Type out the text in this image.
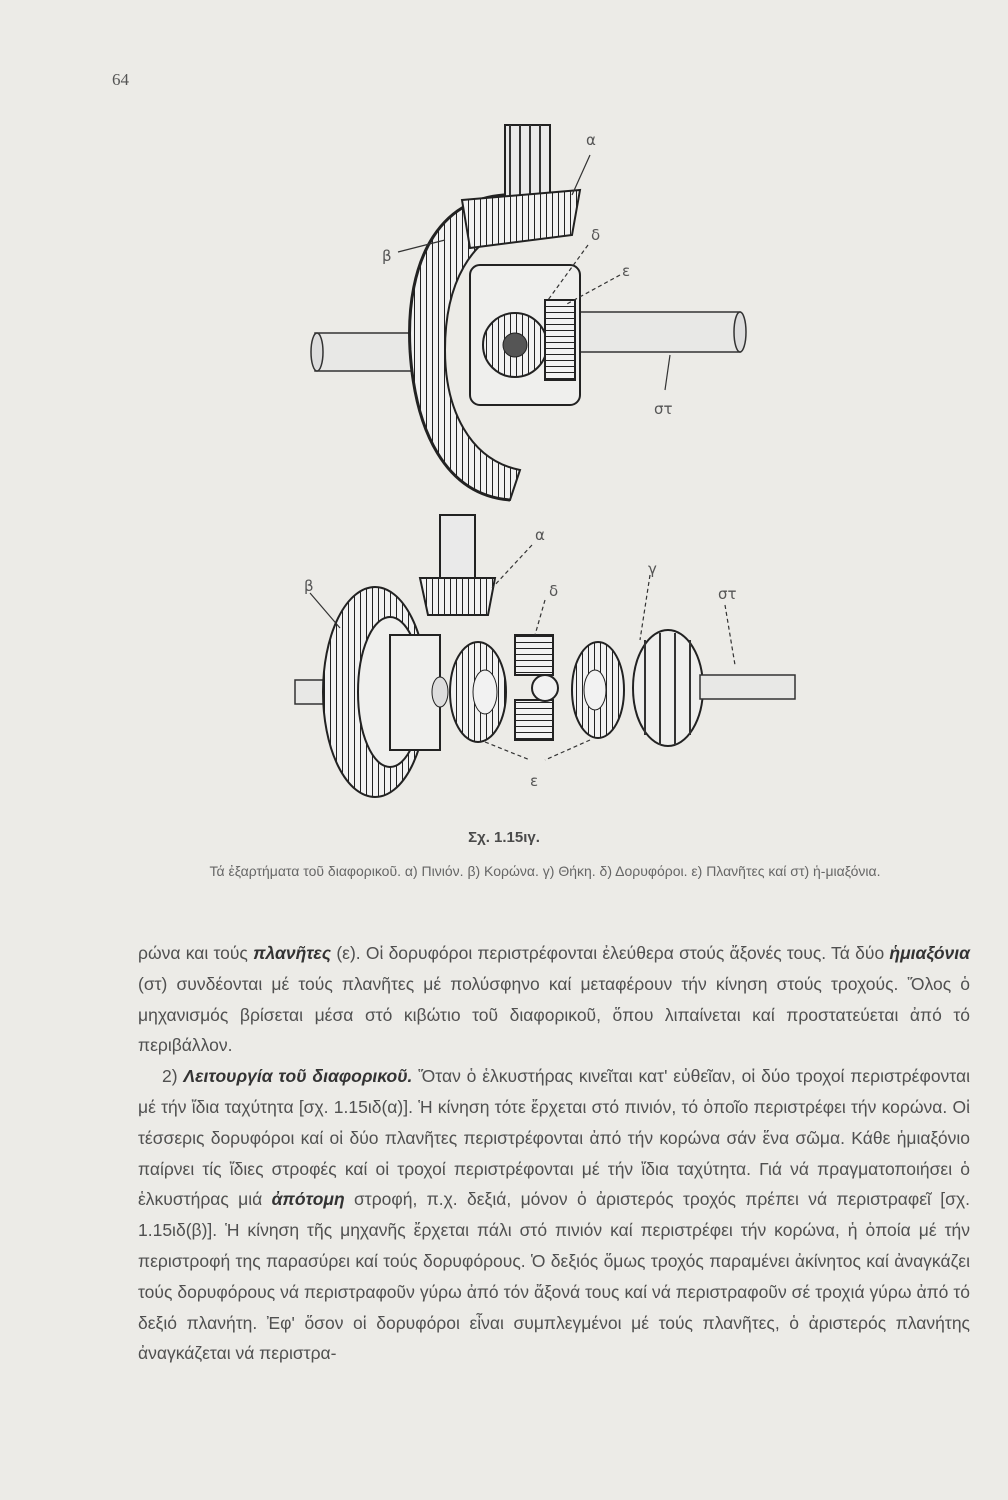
64
α
β
δ
ε
στ
α
β	δ
γ
στ
ε
Σχ. 1.15ιγ.
Τά ἐξαρτήματα τοῦ διαφορικοῦ. α) Πινιόν. β) Κορώνα. γ) Θήκη. δ) Δορυφόροι. ε) Πλανῆτες καί στ) ἡ-μιαξόνια.

ρώνα και τούς πλανῆτες (ε). Οἱ δορυφόροι περιστρέφονται ἐλεύθερα στούς ἄξονές τους. Τά δύο ἡμιαξόνια (στ) συνδέονται μέ τούς πλανῆτες μέ πολύσφηνο καί μεταφέρουν τήν κίνηση στούς τροχούς. Ὅλος ὁ μηχανισμός βρίσεται μέσα στό κιβώτιο τοῦ διαφορικοῦ, ὅπου λιπαίνεται καί προστατεύεται ἀπό τό περιβάλλον.

2) Λειτουργία τοῦ διαφορικοῦ. Ὅταν ὁ ἑλκυστήρας κινεῖται κατ' εὐθεῖαν, οἱ δύο τροχοί περιστρέφονται μέ τήν ἴδια ταχύτητα [σχ. 1.15ιδ(α)]. Ἡ κίνηση τότε ἔρχεται στό πινιόν, τό ὁποῖο περιστρέφει τήν κορώνα. Οἱ τέσσερις δορυφόροι καί οἱ δύο πλανῆτες περιστρέφονται ἀπό τήν κορώνα σάν ἕνα σῶμα. Κάθε ἡμιαξόνιο παίρνει τίς ἴδιες στροφές καί οἱ τροχοί περιστρέφονται μέ τήν ἴδια ταχύτητα. Γιά νά πραγματοποιήσει ὁ ἑλκυστήρας μιά ἀπότομη στροφή, π.χ. δεξιά, μόνον ὁ ἀριστερός τροχός πρέπει νά περιστραφεῖ [σχ. 1.15ιδ(β)]. Ἡ κίνηση τῆς μηχανῆς ἔρχεται πάλι στό πινιόν καί περιστρέφει τήν κορώνα, ἡ ὁποία μέ τήν περιστροφή της παρασύρει καί τούς δορυφόρους. Ὁ δεξιός ὅμως τροχός παραμένει ἀκίνητος καί ἀναγκάζει τούς δορυφόρους νά περιστραφοῦν γύρω ἀπό τόν ἄξονά τους καί νά περιστραφοῦν σέ τροχιά γύρω ἀπό τό δεξιό πλανήτη. Ἐφ' ὅσον οἱ δορυφόροι εἶναι συμπλεγμένοι μέ τούς πλανῆτες, ὁ ἀριστερός πλανήτης ἀναγκάζεται νά περιστρα-
